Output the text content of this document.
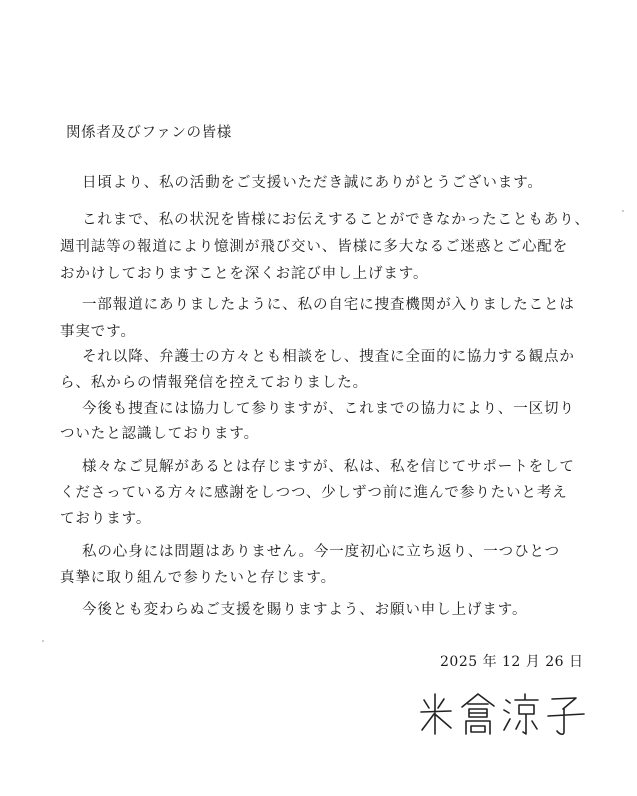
関係者及びファンの皆様
日頃より、私の活動をご支援いただき誠にありがとうございます。
これまで、私の状況を皆様にお伝えすることができなかったこともあり、
週刊誌等の報道により憶測が飛び交い、皆様に多大なるご迷惑とご心配を
おかけしておりますことを深くお詫び申し上げます。
一部報道にありましたように、私の自宅に捜査機関が入りましたことは
事実です。
それ以降、弁護士の方々とも相談をし、捜査に全面的に協力する観点か
ら、私からの情報発信を控えておりました。
今後も捜査には協力して参りますが、これまでの協力により、一区切り
ついたと認識しております。
様々なご見解があるとは存じますが、私は、私を信じてサポートをして
くださっている方々に感謝をしつつ、少しずつ前に進んで参りたいと考え
ております。
私の心身には問題はありません。今一度初心に立ち返り、一つひとつ
真摯に取り組んで参りたいと存じます。
今後とも変わらぬご支援を賜りますよう、お願い申し上げます。
2025 年 12 月 26 日
